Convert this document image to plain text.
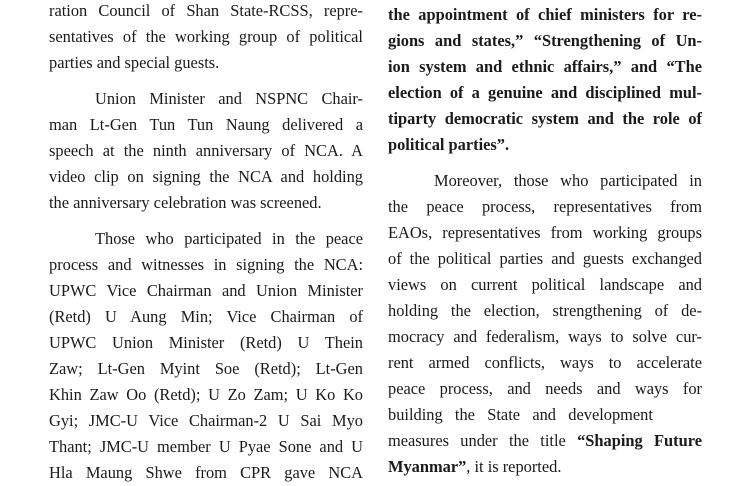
ration Council of Shan State-RCSS, repre-
sentatives of the working group of political
parties and special guests.
Union Minister and NSPNC Chair-
man Lt-Gen Tun Tun Naung delivered a
speech at the ninth anniversary of NCA. A
video clip on signing the NCA and holding
the anniversary celebration was screened.
Those who participated in the peace
process and witnesses in signing the NCA:
UPWC Vice Chairman and Union Minister
(Retd) U Aung Min; Vice Chairman of
UPWC Union Minister (Retd) U Thein
Zaw; Lt-Gen Myint Soe (Retd); Lt-Gen
Khin Zaw Oo (Retd); U Zo Zam; U Ko Ko
Gyi; JMC-U Vice Chairman-2 U Sai Myo
Thant; JMC-U member U Pyae Sone and U
Hla Maung Shwe from CPR gave NCA
the appointment of chief ministers for re-
gions and states,” “Strengthening of Un-
ion system and ethnic affairs,” and “The
election of a genuine and disciplined mul-
tiparty democratic system and the role of
political parties”.
Moreover, those who participated in
the peace process, representatives from
EAOs, representatives from working groups
of the political parties and guests exchanged
views on current political landscape and
holding the election, strengthening of de-
mocracy and federalism, ways to solve cur-
rent armed conflicts, ways to accelerate
peace process, and needs and ways for
building   the   State   and   development
measures under the title “Shaping Future
Myanmar”, it is reported.
